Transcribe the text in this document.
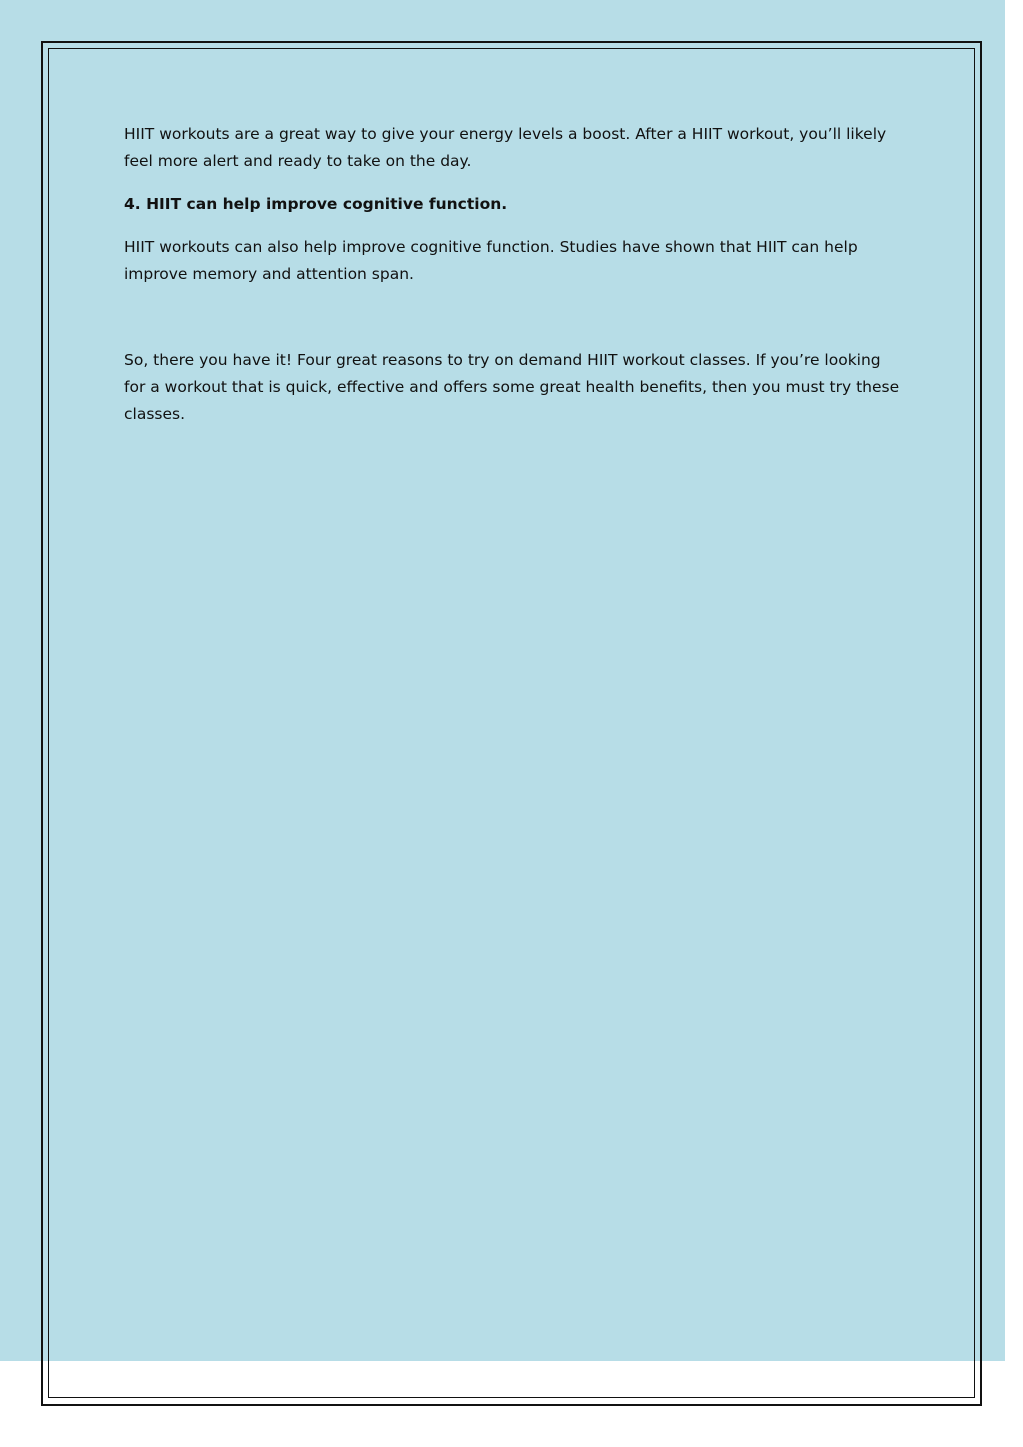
HIIT workouts are a great way to give your energy levels a boost. After a HIIT workout, you’ll likely feel more alert and ready to take on the day.

4. HIIT can help improve cognitive function.

HIIT workouts can also help improve cognitive function. Studies have shown that HIIT can help improve memory and attention span.

So, there you have it! Four great reasons to try on demand HIIT workout classes. If you’re looking for a workout that is quick, effective and offers some great health benefits, then you must try these classes.
